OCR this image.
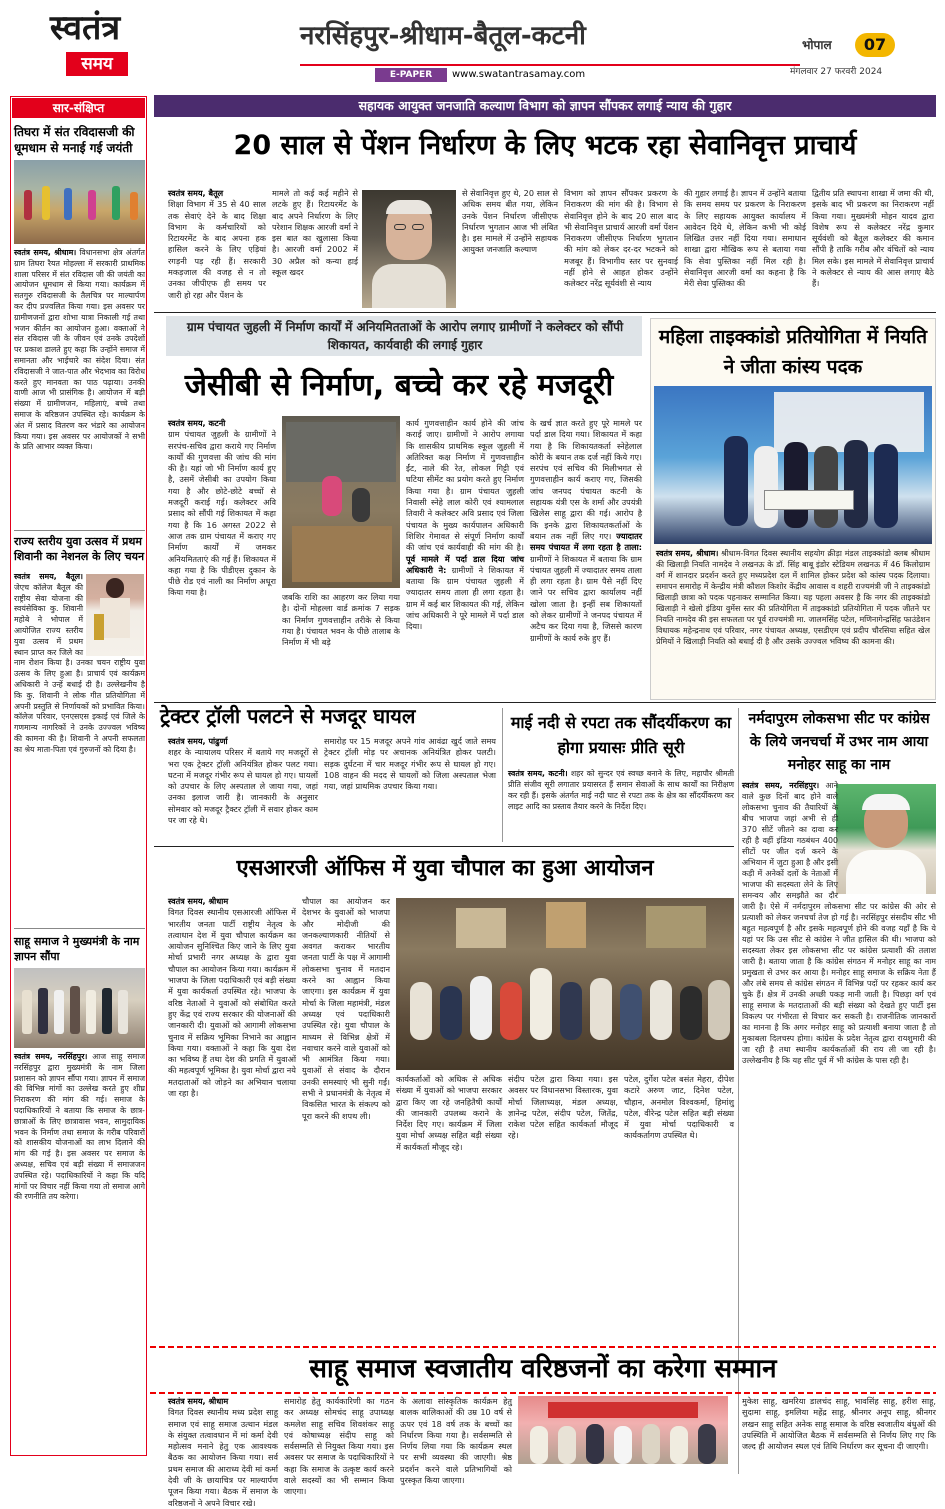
स्वतंत्र
समय
नरसिंहपुर-श्रीधाम-बैतूल-कटनी
E-PAPER	www.swatantrasamay.com
भोपाल 07
मंगलवार 27 फरवरी 2024
सार-संक्षिप्त
तिघरा में संत रविदासजी की धूमधाम से मनाई गई जयंती
स्वतंत्र समय, श्रीधाम। विधानसभा क्षेत्र अंतर्गत ग्राम तिघरा रैयत मोहल्ला में सरकारी प्राथमिक शाला परिसर में संत रविदास जी की जयंती का आयोजन धूमधाम से किया गया। कार्यक्रम में सतगुरु रविदासजी के तैलचित्र पर माल्यार्पण कर दीप प्रज्वलित किया गया। इस अवसर पर ग्रामीणजनों द्वारा शोभा यात्रा निकाली गई तथा भजन कीर्तन का आयोजन हुआ। वक्ताओं ने संत रविदास जी के जीवन एवं उनके उपदेशों पर प्रकाश डालते हुए कहा कि उन्होंने समाज में समानता और भाईचारे का संदेश दिया। संत रविदासजी ने जात-पात और भेदभाव का विरोध करते हुए मानवता का पाठ पढ़ाया। उनकी वाणी आज भी प्रासंगिक है। आयोजन में बड़ी संख्या में ग्रामीणजन, महिलाएं, बच्चे तथा समाज के वरिष्ठजन उपस्थित रहे। कार्यक्रम के अंत में प्रसाद वितरण कर भंडारे का आयोजन किया गया। इस अवसर पर आयोजकों ने सभी के प्रति आभार व्यक्त किया।
राज्य स्तरीय युवा उत्सव में प्रथम शिवानी का नेशनल के लिए चयन
स्वतंत्र समय, बैतूल। जेएच कॉलेज बैतूल की राष्ट्रीय सेवा योजना की स्वयंसेविका कु. शिवानी महोबे ने भोपाल में आयोजित राज्य स्तरीय युवा उत्सव में प्रथम स्थान प्राप्त कर जिले का नाम रोशन किया है। उनका चयन राष्ट्रीय युवा उत्सव के लिए हुआ है। प्राचार्य एवं कार्यक्रम अधिकारी ने उन्हें बधाई दी है। उल्लेखनीय है कि कु. शिवानी ने लोक गीत प्रतियोगिता में अपनी प्रस्तुति से निर्णायकों को प्रभावित किया। कॉलेज परिवार, एनएसएस इकाई एवं जिले के गणमान्य नागरिकों ने उनके उज्ज्वल भविष्य की कामना की है। शिवानी ने अपनी सफलता का श्रेय माता-पिता एवं गुरुजनों को दिया है।
साहू समाज ने मुख्यमंत्री के नाम ज्ञापन सौंपा
स्वतंत्र समय, नरसिंहपुर। आज साहू समाज नरसिंहपुर द्वारा मुख्यमंत्री के नाम जिला प्रशासन को ज्ञापन सौंपा गया। ज्ञापन में समाज की विभिन्न मांगों का उल्लेख करते हुए शीघ्र निराकरण की मांग की गई। समाज के पदाधिकारियों ने बताया कि समाज के छात्र-छात्राओं के लिए छात्रावास भवन, सामुदायिक भवन के निर्माण तथा समाज के गरीब परिवारों को शासकीय योजनाओं का लाभ दिलाने की मांग की गई है। इस अवसर पर समाज के अध्यक्ष, सचिव एवं बड़ी संख्या में समाजजन उपस्थित रहे। पदाधिकारियों ने कहा कि यदि मांगों पर विचार नहीं किया गया तो समाज आगे की रणनीति तय करेगा।
सहायक आयुक्त जनजाति कल्याण विभाग को ज्ञापन सौंपकर लगाई न्याय की गुहार
20 साल से पेंशन निर्धारण के लिए भटक रहा सेवानिवृत्त प्राचार्य
स्वतंत्र समय, बैतूल
शिक्षा विभाग में 35 से 40 साल तक सेवाएं देने के बाद शिक्षा विभाग के कर्मचारियों को रिटायरमेंट के बाद अपना हक हासिल करने के लिए एड़ियां रगड़नी पड़ रही हैं। सरकारी मकड़जाल की वजह से न तो उनका जीपीएफ ही समय पर जारी हो रहा और पेंशन के
मामले तो कई कई महीने से लटके हुए हैं। रिटायरमेंट के बाद अपने निर्धारण के लिए परेशान शिक्षक आरजी वर्मा ने इस बात का खुलासा किया है। आरजी वर्मा 2002 में 30 अप्रैल को कन्या हाई स्कूल खदर
से सेवानिवृत्त हुए थे, 20 साल से अधिक समय बीत गया, लेकिन उनके पेंशन निर्धारण जीसीएफ निर्धारण भुगतान आज भी लंबित है। इस मामले में उन्होंने सहायक आयुक्त जनजाति कल्याण
विभाग को ज्ञापन सौंपकर प्रकरण के निराकरण की मांग की है। विभाग से सेवानिवृत्त होने के बाद 20 साल बाद भी सेवानिवृत्त प्राचार्य आरजी वर्मा पेंशन निराकरण जीसीएफ निर्धारण भुगतान की मांग को लेकर दर-दर भटकने को मजबूर हैं। विभागीय स्तर पर सुनवाई नहीं होने से आहत होकर उन्होंने कलेक्टर नरेंद्र सूर्यवंशी से न्याय
की गुहार लगाई है। ज्ञापन में उन्होंने बताया कि समय समय पर प्रकरण के निराकरण के लिए सहायक आयुक्त कार्यालय में आवेदन दिये थे, लेकिन कभी भी कोई लिखित उत्तर नहीं दिया गया। समाधान शाखा द्वारा मौखिक रूप से बताया गया कि सेवा पुस्तिका नहीं मिल रही है। सेवानिवृत्त आरजी वर्मा का कहना है कि मेरी सेवा पुस्तिका की
द्वितीय प्रति स्थापना शाखा में जमा की थी, इसके बाद भी प्रकरण का निराकरण नहीं किया गया। मुख्यमंत्री मोहन यादव द्वारा विशेष रूप से कलेक्टर नरेंद्र कुमार सूर्यवंशी को बैतूल कलेक्टर की कमान सौंपी है ताकि गरीब और वंचितों को न्याय मिल सके। इस मामले में सेवानिवृत्त प्राचार्य ने कलेक्टर से न्याय की आस लगाए बैठे हैं।
ग्राम पंचायत जुहली में निर्माण कार्यों में अनियमितताओं के आरोप लगाए ग्रामीणों ने कलेक्टर को सौंपी शिकायत, कार्यवाही की लगाई गुहार
जेसीबी से निर्माण, बच्चे कर रहे मजदूरी
स्वतंत्र समय, कटनी
ग्राम पंचायत जुहली के ग्रामीणों ने सरपंच-सचिव द्वारा कराये गए निर्माण कार्यों की गुणवत्ता की जांच की मांग की है। यहां जो भी निर्माण कार्य हुए है, उसमें जेसीबी का उपयोग किया गया है और छोटे-छोटे बच्चों से मजदूरी कराई गई। कलेक्टर अवि प्रसाद को सौंपी गई शिकायत में कहा गया है कि 16 अगस्त 2022 से आज तक ग्राम पंचायत में कराए गए निर्माण कार्यों में जमकर अनियमितताएं की गई हैं। शिकायत में कहा गया है कि पीडीएस दुकान के पीछे रोड एवं नाली का निर्माण अधूरा किया गया है।	जबकि राशि का आहरण कर लिया गया है। दोनों मोहल्ला वार्ड क्रमांक 7 सड़क का निर्माण गुणवत्ताहीन तरीके से किया गया है। पंचायत भवन के पीछे तालाब के निर्माण में भी बड़े
कार्य गुणवत्ताहीन कार्य होने की जांच कराई जाए। ग्रामीणों ने आरोप लगाया कि शासकीय प्राथमिक स्कूल जुहली में अतिरिक्त कक्ष निर्माण में गुणवत्ताहीन ईंट, नाले की रेत, लोकल गिट्टी एवं घटिया सीमेंट का प्रयोग करते हुए निर्माण किया गया है। ग्राम पंचायत जुहली निवासी स्नेहे लाल कोरी एवं श्यामलाल तिवारी ने कलेक्टर अवि प्रसाद एवं जिला पंचायत के मुख्य कार्यपालन अधिकारी शिशिर गेमावत से संपूर्ण निर्माण कार्यों की जांच एवं कार्यवाही की मांग की है। पूर्व मामले में पर्दा डाल दिया जांच अधिकारी ने: ग्रामीणों ने शिकायत में बताया कि ग्राम पंचायत जुहली में ज्यादातर समय ताला ही लगा रहता है। ग्राम में कई बार शिकायत की गई, लेकिन जांच अधिकारी ने पूरे मामले में पर्दा डाल दिया।
के खर्च ज्ञात करते हुए पूरे मामले पर पर्दा डाल दिया गया। शिकायत में कहा गया है कि शिकायतकर्ता स्नेहेलाल कोरी के बयान तक दर्ज नहीं किये गए। सरपंच एवं सचिव की मिलीभगत से गुणवत्ताहीन कार्य कराए गए, जिसकी जांच जनपद पंचायत कटनी के सहायक यंत्री एस के शर्मा और उपयंत्री खिलेस साहू द्वारा की गई। आरोप है कि इनके द्वारा शिकायतकर्ताओं के बयान तक नहीं लिए गए। ज्यादातर समय पंचायत में लगा रहता है ताला: ग्रामीणों ने शिकायत में बताया कि ग्राम पंचायत जुहली में ज्यादातर समय ताला ही लगा रहता है। ग्राम पैसे नहीं दिए जाने पर सचिव द्वारा कार्यालय नहीं खोला जाता है। इन्हीं सब शिकायतों को लेकर ग्रामीणों ने जनपद पंचायत में अटैच कर दिया गया है, जिससे कारण ग्रामीणों के कार्य रुके हुए हैं।
महिला ताइक्कांडो प्रतियोगिता में नियति ने जीता कांस्य पदक
स्वतंत्र समय, श्रीधाम। श्रीधाम-विगत दिवस स्थानीय सहयोग क्रीड़ा मंडल ताइक्कांडो क्लब श्रीधाम की खिलाड़ी नियति नामदेव ने लखनऊ के डॉ. सिंह बाबू इंडोर स्टेडियम लखनऊ में 46 किलोग्राम वर्ग में शानदार प्रदर्शन करते हुए मध्यप्रदेश दल में शामिल होकर प्रदेश को कांस्य पदक दिलाया। समापन समारोह में केन्द्रीय मंत्री कौशल किशोर केंद्रीय आवास व शहरी राज्यमंत्री जी ने ताइक्कांडो खिलाड़ी छात्रा को पदक पहनाकर सम्मानित किया। यह पहला अवसर है कि नगर की ताइक्कांडो खिलाड़ी ने खेलो इंडिया वुमेंस स्तर की प्रतियोगिता में ताइक्कांडो प्रतियोगिता में पदक जीतने पर नियति नामदेव की इस सफलता पर पूर्व राज्यमंत्री मा. जालमसिंह पटेल, मणिनागेन्द्रसिंह फाउंडेशन विधायक महेन्द्रनाथ एवं परिवार, नगर पंचायत अध्यक्ष, एसडीएम एवं प्रदीप चौरसिया सहित खेल प्रेमियों ने खिलाड़ी नियति को बधाई दी है और उसके उज्ज्वल भविष्य की कामना की।
ट्रेक्टर ट्रॉली पलटने से मजदूर घायल
स्वतंत्र समय, पांढुर्णा
शहर के न्यायालय परिसर में बताये गए मजदूरों से भरा एक ट्रेक्टर ट्रॉली अनियंत्रित होकर पलट गया। घटना में मजदूर गंभीर रूप से घायल हो गए। घायलों को उपचार के लिए अस्पताल ले जाया गया, जहां उनका इलाज जारी है। जानकारी के अनुसार सोमवार को मजदूर ट्रैक्टर ट्रॉली में सवार होकर काम पर जा रहे थे।
समारोह पर 15 मजदूर अपने गांव आवंढा खुर्द जाते समय ट्रेक्टर ट्रॉली मोड़ पर अचानक अनियंत्रित होकर पलटी। सड़क दुर्घटना में चार मजदूर गंभीर रूप से घायल हो गए। 108 वाहन की मदद से घायलों को जिला अस्पताल भेजा गया, जहां प्राथमिक उपचार किया गया।
माई नदी से रपटा तक सौंदर्यीकरण का होगा प्रयासः प्रीति सूरी
स्वतंत्र समय, कटनी। शहर को सुन्दर एवं स्वच्छ बनाने के लिए, महापौर श्रीमती प्रीति संजीव सूरी लगातार प्रयासरत हैं समान सेवाओं के साथ कार्यों का निरीक्षण कर रही हैं। इसके अंतर्गत माई नदी घाट से रपटा तक के क्षेत्र का सौंदर्यीकरण कर लाइट आदि का प्रस्ताव तैयार करने के निर्देश दिए।
नर्मदापुरम लोकसभा सीट पर कांग्रेस के लिये जनचर्चा में उभर नाम आया मनोहर साहू का नाम
स्वतंत्र समय, नरसिंहपुर। आने वाले कुछ दिनों बाद होने वाले लोकसभा चुनाव की तैयारियों के बीच भाजपा जहां अभी से ही 370 सीटें जीतने का दावा कर रही है वहीं इंडिया गठबंधन 400 सीटों पर जीत दर्ज करने के अभियान में जुटा हुआ है और इसी कड़ी में अनेकों दलों के नेताओं में भाजपा की सदस्यता लेने के लिए समन्वय और समझौते का दौर जारी है। ऐसे में नर्मदापुरम लोकसभा सीट पर कांग्रेस की ओर से प्रत्याशी को लेकर जनचर्चा तेज हो गई है। नरसिंहपुर संसदीय सीट भी बहुत महत्वपूर्ण है और इसके महत्वपूर्ण होने की वजह यहाँ है कि ये यहां पर कि उस सीट से कांग्रेस ने जीत हासिल की थी। भाजपा को सदस्यता लेकर इस लोकसभा सीट पर कांग्रेस प्रत्याशी की तलाश जारी है। बताया जाता है कि कांग्रेस संगठन में मनोहर साहू का नाम प्रमुखता से उभर कर आया है। मनोहर साहू समाज के सक्रिय नेता हैं और लंबे समय से कांग्रेस संगठन में विभिन्न पदों पर रहकर कार्य कर चुके हैं। क्षेत्र में उनकी अच्छी पकड़ मानी जाती है। पिछड़ा वर्ग एवं साहू समाज के मतदाताओं की बड़ी संख्या को देखते हुए पार्टी इस विकल्प पर गंभीरता से विचार कर सकती है। राजनीतिक जानकारों का मानना है कि अगर मनोहर साहू को प्रत्याशी बनाया जाता है तो मुकाबला दिलचस्प होगा। कांग्रेस के प्रदेश नेतृत्व द्वारा रायशुमारी की जा रही है तथा स्थानीय कार्यकर्ताओं की राय ली जा रही है। उल्लेखनीय है कि यह सीट पूर्व में भी कांग्रेस के पास रही है।
एसआरजी ऑफिस में युवा चौपाल का हुआ आयोजन
स्वतंत्र समय, श्रीधाम
विगत दिवस स्थानीय एसआरजी ऑफिस में भारतीय जनता पार्टी राष्ट्रीय नेतृत्व के तत्वाधान देश में युवा चौपाल कार्यक्रम का आयोजन सुनिश्चित किए जाने के लिए युवा मोर्चा प्रभारी नगर अध्यक्ष के द्वारा युवा चौपाल का आयोजन किया गया। कार्यक्रम में भाजपा के जिला पदाधिकारी एवं बड़ी संख्या में युवा कार्यकर्ता उपस्थित रहे। भाजपा के वरिष्ठ नेताओं ने युवाओं को संबोधित करते हुए केंद्र एवं राज्य सरकार की योजनाओं की जानकारी दी। युवाओं को आगामी लोकसभा चुनाव में सक्रिय भूमिका निभाने का आह्वान किया गया। वक्ताओं ने कहा कि युवा देश का भविष्य हैं तथा देश की प्रगति में युवाओं की महत्वपूर्ण भूमिका है। युवा मोर्चा द्वारा नये मतदाताओं को जोड़ने का अभियान चलाया जा रहा है।
चौपाल का आयोजन कर देशभर के युवाओं को भाजपा और मोदीजी की जनकल्याणकारी नीतियों से अवगत कराकर भारतीय जनता पार्टी के पक्ष में आगामी लोकसभा चुनाव में मतदान करने का आह्वान किया जाएगा। इस कार्यक्रम में युवा मोर्चा के जिला महामंत्री, मंडल अध्यक्ष एवं पदाधिकारी उपस्थित रहे। युवा चौपाल के माध्यम से विभिन्न क्षेत्रों में नवाचार करने वाले युवाओं को भी आमंत्रित किया गया। युवाओं से संवाद के दौरान उनकी समस्याएं भी सुनी गईं। सभी ने प्रधानमंत्री के नेतृत्व में विकसित भारत के संकल्प को पूरा करने की शपथ ली।
कार्यकर्ताओं को अधिक से अधिक संख्या में युवाओं को भाजपा सरकार द्वारा किए जा रहे जनहितैषी कार्यों की जानकारी उपलब्ध कराने के निर्देश दिए गए। कार्यक्रम में जिला युवा मोर्चा अध्यक्ष सहित बड़ी संख्या में कार्यकर्ता मौजूद रहे।
संदीप पटेल द्वारा किया गया। इस अवसर पर विधानसभा विस्तारक, युवा मोर्चा जिलाध्यक्ष, मंडल अध्यक्ष, ज्ञानेन्द्र पटेल, संदीप पटेल, जितेंद्र, राकेश पटेल सहित कार्यकर्ता मौजूद रहे।
पटेल, दुर्गेश पटेल बसंत मेहरा, दीपेश कटारे अरुण जाट, दिनेश पटेल, चौहान, अनमोल विश्वकर्मा, हिमांशु पटेल, वीरेन्द्र पटेल सहित बड़ी संख्या में युवा मोर्चा पदाधिकारी व कार्यकर्तागण उपस्थित थे।
साहू समाज स्वजातीय वरिष्ठजनों का करेगा सम्मान
स्वतंत्र समय, श्रीधाम
विगत दिवस स्थानीय मध्य प्रदेश साहू समाज एवं साहू समाज उत्थान मंडल के संयुक्त तत्वावधान में मां कर्मा देवी महोत्सव मनाने हेतु एक आवश्यक बैठक का आयोजन किया गया। सर्व प्रथम समाज की आराध्य देवी मां कर्मा देवी जी के छायाचित्र पर माल्यार्पण पूजन किया गया। बैठक में समाज के वरिष्ठजनों ने अपने विचार रखे।
समारोह हेतु कार्यकारिणी का गठन कर अध्यक्ष सोमचंद साहू उपाध्यक्ष कमलेश साहू सचिव शिवशंकर साहू एवं कोषाध्यक्ष संदीप साहू को सर्वसम्मति से नियुक्त किया गया। इस अवसर पर समाज के पदाधिकारियों ने कहा कि समाज के उत्कृष्ट कार्य करने वाले सदस्यों का भी सम्मान किया जाएगा।
के अलावा सांस्कृतिक कार्यक्रम हेतु बालक बालिकाओं की उम्र 10 वर्ष से ऊपर एवं 18 वर्ष तक के बच्चों का निर्धारण किया गया है। सर्वसम्मति से निर्णय लिया गया कि कार्यक्रम स्थल पर सभी व्यवस्था की जाएगी। श्रेष्ठ प्रदर्शन करने वाले प्रतिभागियों को पुरस्कृत किया जाएगा।
मुकेश साहू, खमरिया डालचंद साहू, भावसिंह साहू, हरीश साहू, सुदामा साहू, इमलिया महेंद्र साहू, श्रीनगर अनूप साहू, श्रीनगर लखन साहू सहित अनेक साहू समाज के वरिष्ठ स्वजातीय बंधुओं की उपस्थिति में आयोजित बैठक में सर्वसम्मति से निर्णय लिए गए कि जल्द ही आयोजन स्थल एवं तिथि निर्धारण कर सूचना दी जाएगी।
